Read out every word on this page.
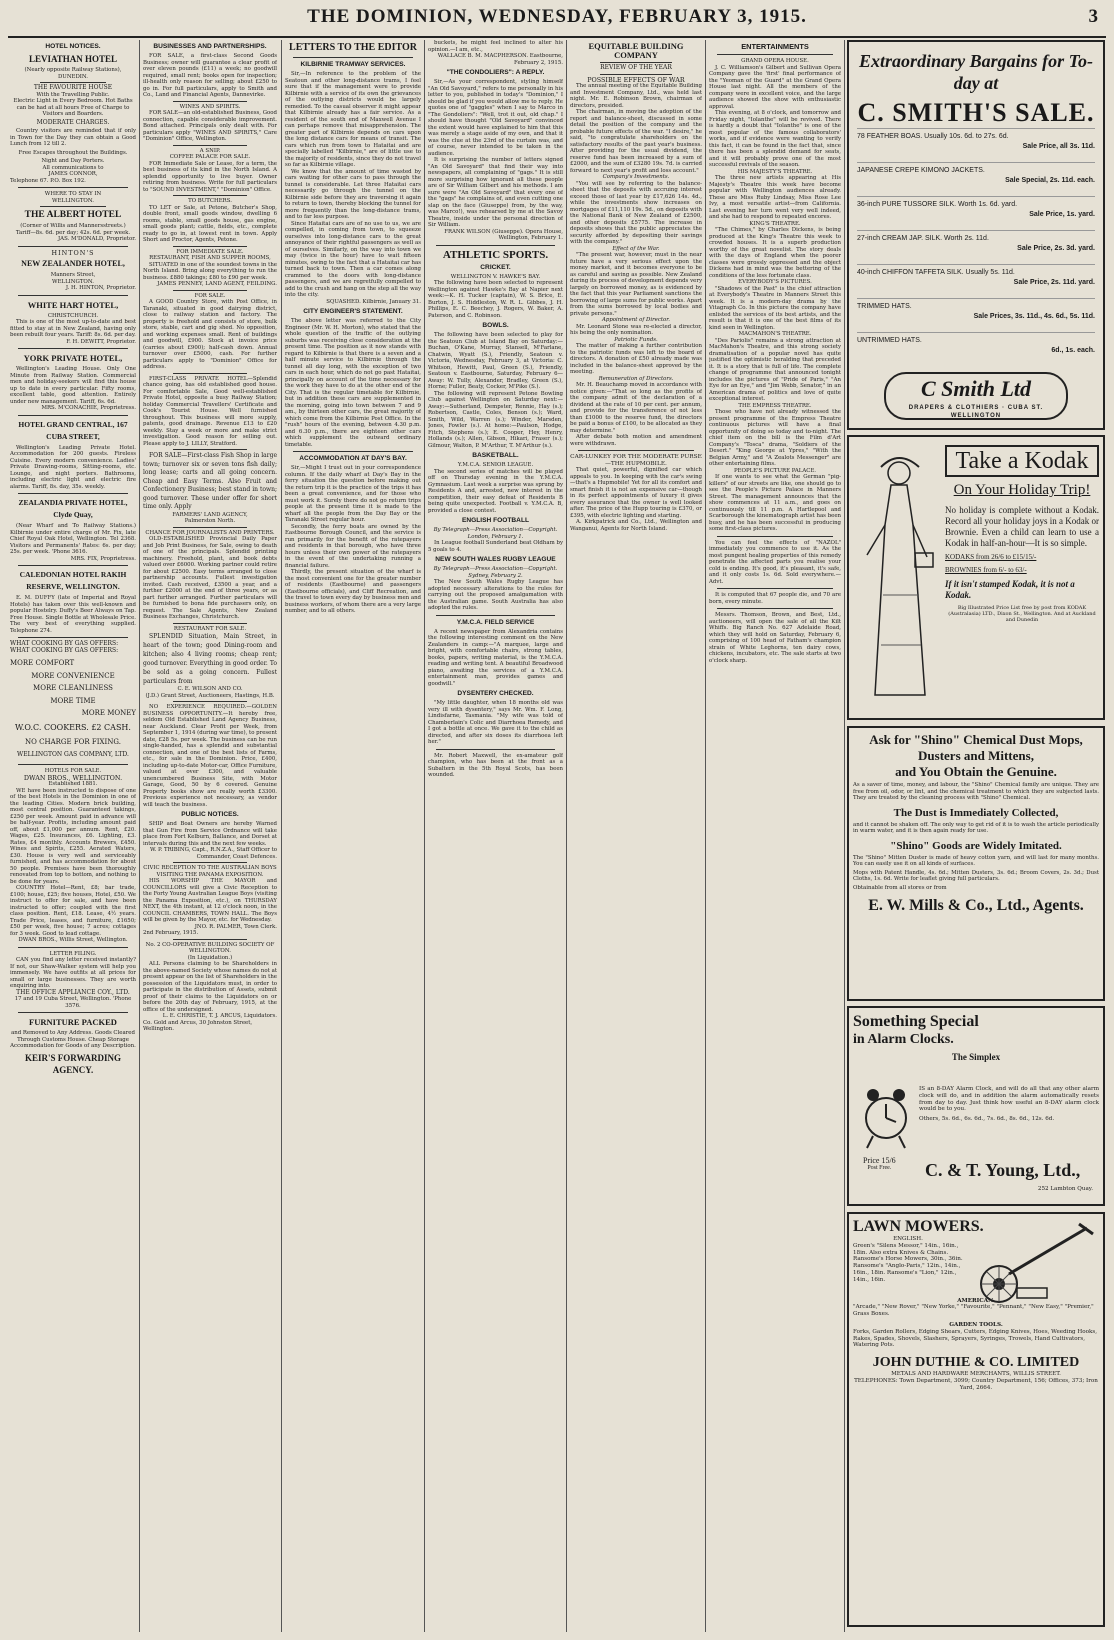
THE DOMINION, WEDNESDAY, FEBRUARY 3, 1915.	3
HOTEL NOTICES.
LEVIATHAN HOTEL
(Nearly opposite Railway Stations), DUNEDIN.
THE FAVOURITE HOUSE
With the Travelling Public.
Electric Light in Every Bedroom. Hot Baths can be had at all hours Free of Charge to Visitors and Boarders.
MODERATE CHARGES.
Country visitors are reminded that if only in Town for the Day they can obtain a Good Lunch from 12 till 2.
Free Escapes throughout the Buildings.
Night and Day Porters.
All communications to
JAMES CONNOR,
Telephone 67. P.O. Box 192.
WHERE TO STAY IN
WELLINGTON.
THE ALBERT HOTEL
(Corner of Willis and Mannersstreets.)
Tariff—8s. 6d. per day; 42s. 6d. per week.
JAS. M'DONALD, Proprietor.
HINTON'S
NEW ZEALANDER HOTEL,
Manners Street,
WELLINGTON.
J. H. HINTON, Proprietor.
WHITE HART HOTEL,
CHRISTCHURCH.
This is one of the most up-to-date and best fitted to stay at in New Zealand, having only been rebuilt four years. Tariff: 8s. 6d. per day.
F. H. DEWITT, Proprietor.
YORK PRIVATE HOTEL,
Wellington's Leading House. Only One Minute from Railway Station. Commercial men and holiday-seekers will find this house up to date in every particular. Fifty rooms, excellent table, good attention. Entirely under new management. Tariff, 6s. 6d.
MRS. M'CONACHIE, Proprietress.
HOTEL GRAND CENTRAL, 167 CUBA STREET,
Wellington's Leading Private Hotel. Accommodation for 200 guests. Fireless Cuisine. Every modern convenience. Ladies' Private Drawing-rooms, Sitting-rooms, etc. Lounge, and night porters. Bathrooms, including electric light and electric fire alarms. Tariff, 8s. day, 35s. weekly.
ZEALANDIA PRIVATE HOTEL, Clyde Quay,
(Near Wharf and To Railway Stations.) Kilbirnie under entire charge of Mr. Fix, late Chief Royal Oak Hotel, Wellington. Tel 2368. Visitors and Permanents' Rates: 6s. per day; 25s. per week. 'Phone 3616.
MRS. FIX, Proprietress.
CALEDONIAN HOTEL RAKIH RESERVE, WELLINGTON.
E. M. DUFFY (late of Imperial and Royal Hotels) has taken over this well-known and popular Hostelry. Duffy's Beer Always on Tap. Free House. Single Bottle at Wholesale Price. The very best of everything supplied. Telephone 274.
WHAT COOKING BY GAS OFFERS:
WHAT COOKING BY GAS OFFERS:
MORE COMFORT
MORE CONVENIENCE
MORE CLEANLINESS
MORE TIME
MORE MONEY
W.O.C. COOKERS. £2 CASH.
NO CHARGE FOR FIXING.
WELLINGTON GAS COMPANY, LTD.
HOTELS FOR SALE.
DWAN BROS., WELLINGTON.
Established 1881.
WE have been instructed to dispose of one of the best Hotels in the Dominion in one of the leading Cities. Modern brick building, most central position. Guaranteed takings, £250 per week. Amount paid in advance will be half-year. Profits, including amount paid off, about £1,000 per annum. Rent, £20. Wages, £25. Insurances, £6. Lighting, £3. Rates, £4 monthly. Accounts Brewers, £450. Wines and Spirits, £255. Aerated Waters, £30. House is very well and serviceably furnished, and has accommodation for about 50 people. Premises have been thoroughly renovated from top to bottom, and nothing to be done for years.
COUNTRY Hotel—Rent, £8; bar trade, £100; house, £25; five houses, Hotel, £50. We instruct to offer for sale, and have been instructed to offer; coupled with the first class position. Rent, £18. Lease, 4½ years. Trade Price, leases, and furniture, £1650; £50 per week, five house; 7 acres; cottages for 3 week. Good to lead cottage.
DWAN BROS., Willis Street, Wellington.
LETTER FILING.
CAN you find any letter received instantly? If not, our Shaw-Walker system will help you immensely. We have outfits at all prices for small or large businesses. They are worth enquiring into.
THE OFFICE APPLIANCE COY., LTD.
17 and 19 Cuba Street, Wellington. 'Phone 3576.
FURNITURE PACKED
and Removed to Any Address. Goods Cleared Through Customs House. Cheap Storage Accommodation for Goods of any Description.
KEIR'S FORWARDING AGENCY.
BUSINESSES AND PARTNERSHIPS.
FOR SALE, a first-class Second Goods Business; owner will guarantee a clear profit of over eleven pounds (£11) a week; no goodwill required, small rent; books open for inspection; ill-health only reason for selling; about £250 to go in. For full particulars, apply to Smith and Co., Land and Financial Agents, Dannevirke.
WINES AND SPIRITS.
FOR SALE—an old-established Business, Good connection, capable considerable improvement. Bond attached. Principals only dealt with. For particulars apply "WINES AND SPIRITS," Care "Dominion" Office, Wellington.
A SNIP.
COFFEE PALACE FOR SALE.
FOR Immediate Sale or Lease, for a term, the best business of its kind in the North Island. A splendid opportunity to live buyer. Owner retiring from business. Write for full particulars to "SOUND INVESTMENT," "Dominion" Office.
TO BUTCHERS.
TO LET or Sale, at Petone, Butcher's Shop, double front, small goods window, dwelling 6 rooms, stable, small goods house, gas engine, small goods plant; cattle, fields, etc., complete ready to go in, at lowest rent in town. Apply Short and Proctor, Agents, Petone.
FOR IMMEDIATE SALE.
RESTAURANT, FISH AND SUPPER ROOMS,
SITUATED in one of the soundest towns in the North Island. Bring along everything to run the business. £880 takings; £80 to £90 per week.
JAMES PENNEY, LAND AGENT, FEILDING.
FOR SALE.
A GOOD Country Store, with Post Office, in Taranaki, situated in good dairying district, close to railway station and factory. The property is freehold and consists of store, bulk store, stable, cart and gig shed. No opposition, and working expenses small. Rent of buildings and goodwill, £900. Stock at invoice price (carries about £900); half-cash down. Annual turnover over £5000, cash. For further particulars apply to "Dominion" Office for address.
FIRST-CLASS PRIVATE HOTEL—Splendid chance going, has old established good house. For comfortable Sale, Good well-established Private Hotel, opposite a busy Railway Station; holiday Commercial Travellers' Certificate and Cook's Tourist House. Well furnished throughout. This business will more supply, patents, good drainage. Revenue £13 to £20 weekly. Stay a week or more and make strict investigation. Good reason for selling out. Please apply to J. LILLY, Stratford.
FOR SALE—First-class Fish Shop in large town; turnover six or seven tons fish daily; long lease; carts and all going concern. Cheap and Easy Terms. Also Fruit and Confectionery Business; best stand in town; good turnover. These under offer for short time only. Apply
FARMERS' LAND AGENCY,
Palmerston North.
CHANCE FOR JOURNALISTS AND PRINTERS.
OLD-ESTABLISHED Provincial Daily Paper and Job Print Business, for Sale, owing to death of one of the principals. Splendid printing machinery. Freehold, plant, and book debts valued over £6000. Working partner could retire for about £2500. Easy terms arranged to close partnership accounts. Fullest investigation invited. Cash received, £3500 a year, and a further £2000 at the end of three years, or as part further arranged. Further particulars will be furnished to bona fide purchasers only, on request. The Sale Agents, New Zealand Business Exchanges, Christchurch.
RESTAURANT FOR SALE.
SPLENDID Situation, Main Street, in heart of the town; good Dining-room and kitchen; also 4 living rooms; cheap rent; good turnover. Everything in good order. To be sold as a going concern. Fullest particulars from
C. E. WILSON AND CO.
(J.D.) Grant Street, Auctioneers, Hastings, H.B.
NO EXPERIENCE REQUIRED.—GOLDEN BUSINESS OPPORTUNITY.—It hereby free, seldom Old Established Land Agency Business, near Auckland. Clear Profit per Week, from September 1, 1914 (during war time), to present date, £28 5s. per week. The business can be run single-handed, has a splendid and substantial connection, and one of the best lists of Farms, etc., for sale in the Dominion. Price, £400, including up-to-date Motor-car, Office Furniture, valued at over £300, and valuable unencumbered Business Site, with Motor Garage, Good, 50 by 6 covered. Genuine Property books show are really worth £3300. Previous experience not necessary, as vendor will teach the business.
PUBLIC NOTICES.
SHIP and Boat Owners are hereby Warned that Gun Fire from Service Ordnance will take place from Fort Kelburn, Ballance, and Dorset at intervals during this and the next few weeks.
W. P. TRIBING, Capt., R.N.Z.A., Staff Officer to Commander, Coast Defences.
CIVIC RECEPTION TO THE AUSTRALIAN BOYS VISITING THE PANAMA EXPOSITION.
HIS WORSHIP THE MAYOR and COUNCILLORS will give a Civic Reception to the Forty Young Australian League Boys (visiting the Panama Exposition, etc.), on THURSDAY NEXT, the 4th instant, at 12 o'clock noon, in the COUNCIL CHAMBERS, TOWN HALL. The Boys will be given by the Mayor, etc. for Wednesday.
JNO. R. PALMER, Town Clerk.
2nd February, 1915.
No. 2 CO-OPERATIVE BUILDING SOCIETY OF WELLINGTON.
(In Liquidation.)
ALL Persons claiming to be Shareholders in the above-named Society whose names do not at present appear on the list of Shareholders in the possession of the Liquidators must, in order to participate in the distribution of Assets, submit proof of their claims to the Liquidators on or before the 20th day of February, 1915, at the office of the undersigned.
L. E. CHRISTIE, T. J. ARCUS, Liquidators.
Co. Gold and Arcus, 30 Johnston Street, Wellington.
LETTERS TO THE EDITOR
KILBIRNIE TRAMWAY SERVICES.
Sir,—In reference to the problem of the Seatoun and other long-distance trams, I feel sure that if the management were to provide Kilbirnie with a service of its own the grievances of the outlying districts would be largely remedied. To the casual observer it might appear that Kilbirnie already has a fair service. As a resident of the south end of Maxwell Avenue I can perhaps remove that misapprehension. The greater part of Kilbirnie depends on cars upon the long distance cars for means of transit. The cars which run from town to Hataitai and are specially labelled "Kilbirnie," are of little use to the majority of residents, since they do not travel so far as Kilbirnie village.
We know that the amount of time wasted by cars waiting for other cars to pass through the tunnel is considerable. Let three Hataitai cars necessarily go through the tunnel on the Kilbirnie side before they are traversing it again to return to town, thereby blocking the tunnel for more frequently than the long-distance trams, and to far less purpose.
Since Hataitai cars are of no use to us, we are compelled, in coming from town, to squeeze ourselves into long-distance cars to the great annoyance of their rightful passengers as well as of ourselves. Similarly, on the way into town we may (twice in the hour) have to wait fifteen minutes, owing to the fact that a Hataitai car has turned back to town. Then a car comes along crammed to the doors with long-distance passengers, and we are regretfully compelled to add to the crush and hang on the step all the way into the city.
SQUASHED. Kilbirnie, January 31.
CITY ENGINEER'S STATEMENT.
The above letter was referred to the City Engineer (Mr. W. H. Morton), who stated that the whole question of the traffic of the outlying suburbs was receiving close consideration at the present time. The position as it now stands with regard to Kilbirnie is that there is a seven and a half minute service to Kilbirnie through the tunnel all day long, with the exception of two cars in each hour, which do not go past Hataitai, principally on account of the time necessary for the work they have to do at the other end of the City. That is the regular timetable for Kilbirnie, but in addition these cars are supplemented in the morning, going into town between 7 and 9 am., by thirteen other cars, the great majority of which come from the Kilbirnie Post Office. In the "rush" hours of the evening, between 4.30 p.m. and 6.30 p.m., there are eighteen other cars which supplement the outward ordinary timetable.
ACCOMMODATION AT DAY'S BAY.
Sir,—Might I trust out in your correspondence column. If the daily wharf at Day's Bay in the ferry situation the question before making out the return trip it is the practice of the trips it has been a great convenience, and for those who must work it. Surely there do not go return trips people at the present time it is made to the wharf all the people from the Day Bay or the Taranaki Street regular hour.
Secondly, the ferry boats are owned by the Eastbourne Borough Council, and the service is run primarily for the benefit of the ratepayers and residents in that borough, who have three hours unless their own power of the ratepayers in the event of the undertaking running a financial failure.
Thirdly, the present situation of the wharf is the most convenient one for the greater number of residents (Eastbourne) and passengers (Eastbourne officials), and Cliff Recreation, and the travel to town every day by business men and business workers, of whom there are a very large number, and to all others.
buckets, he might feel inclined to alter his opinion.—I am, etc.,
WALLACE B. M. MACPHERSON. Eastbourne, February 2, 1915.
"THE CONDOLIERS": A REPLY.
Sir,—As your correspondent, styling himself "An Old Savoyard," refers to me personally in his letter to you, published in today's "Dominion," I should be glad if you would allow me to reply. He quotes one of "gaggles" when I say to Marco in "The Gondoliers": "Well, trot it out, old chap." I should have thought "Old Savoyard" convinced the extent would have explained to him that this was merely a stage aside of my own, and that it was the clue at the 23rd of the curtain was, and of course, never intended to be taken in the audience.
It is surprising the number of letters signed "An Old Savoyard" that find their way into newspapers, all complaining of "gags." It is still more surprising how ignorant all these people are of Sir William Gilbert and his methods. I am sure were "An Old Savoyard" that every one of the "gags" he complains of, and even cutting one slap on the face (Giuseppe) from, by the way, was Marco!), was rehearsed by me at the Savoy Theatre, inside under the personal direction of Sir William.
FRANK WILSON (Giuseppe). Opera House, Wellington, February 1.
ATHLETIC SPORTS.
CRICKET.
WELLINGTON V. HAWKE'S BAY.
The following have been selected to represent Wellington against Hawke's Bay at Napier next week:—K. H. Tucker (captain), W. S. Brice, E. Burton, J. S. Hiddleston, W. R. L. Gibbes, J. H. Phillips, E. C. Beechey, J. Rogers, W. Baker, A. Paterson, and C. Robinson.
BOWLS.
The following have been selected to play for the Seatoun Club at Island Bay on Saturday:—Buchan, O'Kane, Murray, Stansell, M'Farlane, Chatwin, Wyatt (S.), Friendly, Seatoun v. Victoria, Wednesday, February 3, at Victoria: C. Whitson, Hewitt, Paul, Green (S.), Friendly, Seatoun v. Eastbourne, Saturday, February 6—Away: W. Tully, Alexander, Bradley, Green (S.), Horne; Fuller, Beaty, Cocker, M'Pike (S.).
The following will represent Petone Bowling Club against Wellington on Saturday next:—Away:—Sutherland, Dempster, Rennie, Hay (s.); Robertson, Castle, Coles, Benson (s.); Ward, Smith, Wild, Warren (s.); Winder, Marsden, Jones, Fowler (s.). At home:—Paulson, Hodge, Fitch, Stephens (s.); E. Cooper, Hey, Henry, Hollands (s.); Allen, Gibson, Hikari, Fraser (s.); Gilmour, Walton, P. M'Arthur, T. M'Arthur (s.).
BASKETBALL.
Y.M.C.A. SENIOR LEAGUE.
The second series of matches will be played off on Thursday evening in the Y.M.C.A. Gymnasium. Last week a surprise was sprung by Residents A and, arrested, new interest in the competition, their easy defeat of Residents B being quite unexpected. Football v. Y.M.C.A. B, provided a close contest.
ENGLISH FOOTBALL
By Telegraph—Press Association—Copyright. London, February 1.
In League football Sunderland beat Oldham by 5 goals to 4.
NEW SOUTH WALES RUGBY LEAGUE
By Telegraph—Press Association—Copyright. Sydney, February 2.
The New South Wales Rugby League has adopted necessary alterations to the rules for carrying out the proposed amalgamation with the Australian game. South Australia has also adopted the rules.
Y.M.C.A. FIELD SERVICE
A recent newspaper from Alexandria contains the following interesting comment on the New Zealanders in camp:—"A marquee, large and bright, with comfortable chairs, strong tables, books, papers, writing material, is the Y.M.C.A. reading and writing tent. A beautiful Broadwood piano, awaiting the services of a Y.M.C.A. entertainment man, provides games and goodwill."
DYSENTERY CHECKED.
"My little daughter, when 18 months old was very ill with dysentery," says Mr. Wm. F. Long, Lindisfarne, Tasmania. "My wife was told of Chamberlain's Colic and Diarrhoea Remedy, and I got a bottle at once. We gave it to the child as directed, and after six doses its diarrhoea left her."
Mr. Robert Maxwell, the ex-amateur golf champion, who has been at the front as a Subaltern in the 5th Royal Scots, has been wounded.
EQUITABLE BUILDING COMPANY
REVIEW OF THE YEAR
POSSIBLE EFFECTS OF WAR
The annual meeting of the Equitable Building and Investment Company, Ltd., was held last night. Mr. E. Robinson Brown, chairman of directors, presided.
The chairman, in moving the adoption of the report and balance-sheet, discussed in some detail the position of the company and the probable future effects of the war. "I desire," he said, "to congratulate shareholders on the satisfactory results of the past year's business. After providing for the usual dividend, the reserve fund has been increased by a sum of £2000, and the sum of £3280 19s. 7d. is carried forward to next year's profit and loss account."
Company's Investments.
"You will see by referring to the balance-sheet that the deposits with accruing interest exceed those of last year by £17,626 14s. 4d., while the investments show increases on mortgages of £11,110 19s. 5d., on deposits with the National Bank of New Zealand of £2500, and other deposits £5775. The increase in deposits shows that the public appreciates the security afforded by depositing their savings with the company."
Effect of the War.
"The present war, however, must in the near future have a very serious effect upon the money market, and it becomes everyone to be as careful and saving as possible. New Zealand during its process of development depends very largely on borrowed money, as is evidenced by the fact that this year Parliament sanctions the borrowing of large sums for public works. Apart from the sums borrowed by local bodies and private persons."
Appointment of Director.
Mr. Leonard Stone was re-elected a director, his being the only nomination.
Patriotic Funds.
The matter of making a further contribution to the patriotic funds was left to the board of directors. A donation of £50 already made was included in the balance-sheet approved by the meeting.
Remuneration of Directors.
Mr. H. Beauchamp moved in accordance with notice given:—"That so long as the profits of the company admit of the declaration of a dividend at the rate of 10 per cent. per annum, and provide for the transference of not less than £1000 to the reserve fund, the directors be paid a bonus of £100, to be allocated as they may determine."
After debate both motion and amendment were withdrawn.
CAR-LUNKEY FOR THE MODERATE PURSE—THE HUPMOBILE.
That quiet, powerful, dignified car which appeals to you. In keeping with the car's swing—that's a Hupmobile! Yet for all its comfort and smart finish it is not an expensive car—though in its perfect appointments of luxury it gives every assurance that the owner is well looked after. The price of the Hupp touring is £370, or £395, with electric lighting and starting.
A. Kirkpatrick and Co., Ltd., Wellington and Wanganui, Agents for North Island.
ENTERTAINMENTS
GRAND OPERA HOUSE.
J. C. Williamson's Gilbert and Sullivan Opera Company gave the 'first' final performance of the "Yeoman of the Guard" at the Grand Opera House last night. All the members of the company were in excellent voice, and the large audience showed the show with enthusiastic approval.
This evening, at 8 o'clock, and tomorrow and Friday night, "Iolanthe" will be revived. There is hardly a doubt that "Iolanthe" is one of the most popular of the famous collaborators' works, and if evidence were wanting to verify this fact, it can be found in the fact that, since there has been a splendid demand for seats, and it will probably prove one of the most successful revivals of the season.
HIS MAJESTY'S THEATRE.
The three new artists appearing at His Majesty's Theatre this week have become popular with Wellington audiences already. These are Miss Ruby Lindsay, Miss Rose Lee Ivy, a most versatile artist—from California. Last evening her turn went very well indeed, and she had to respond to repeated encores.
KING'S THEATRE.
"The Chimes," by Charles Dickens, is being produced at the King's Theatre this week to crowded houses. It is a superb production worthy of the great novelist. The story deals with the days of England when the poorer classes were grossly oppressed and the object Dickens had in mind was the bettering of the conditions of the less fortunate class.
EVERYBODY'S PICTURES.
"Shadows of the Past" is the chief attraction at Everybody's Theatre in Manners Street this week. It is a modern-day drama by the Vitagraph Co. In this picture the company have enlisted the services of its best artists, and the result is that it is one of the best films of its kind seen in Wellington.
MACMAHON'S THEATRE.
"Des Pariolis" remains a strong attraction at MacMahon's Theatre, and this strong society dramatisation of a popular novel has quite justified the optimistic heralding that preceded it. It is a story that is full of life. The complete change of programme that announced tonight includes the pictures of "Pride of Paris," "An Eye for an Eye," and "Jim Webb, Senator," in an American drama of politics and love of quite exceptional interest.
THE EMPRESS THEATRE.
Those who have not already witnessed the present programme of the Empress Theatre continuous pictures will have a final opportunity of doing so today and to-night. The chief item on the bill is the Film d'Art Company's "Tosca" drama, "Soldiers of the Desert." "King George at Ypres," "With the Belgian Army," and "A Zealots Messenger" are other entertaining films.
PEOPLE'S PICTURE PALACE.
If one wants to see what the German "pig-killers" of our streets are like, one should go to see the People's Picture Palace in Manners Street. The management announces that the show commences at 11 a.m., and goes on continuously till 11 p.m. A Hartlepool and Scarborough the kinematograph artist has been busy, and he has been successful in producing some first-class pictures.
You can feel the effects of "NAZOL" immediately you commence to use it. As the most pungent healing properties of this remedy penetrate the affected parts you realise your cold is ending. It's good, it's pleasant, it's safe, and it only costs 1s. 6d. Sold everywhere.—Advt.
It is computed that 67 people die, and 70 are born, every minute.
Messrs. Thomson, Brown, and Best, Ltd., auctioneers, will open the sale of all the Kilt Whiffs. Big Ranch No. 627 Adelaide Road, which they will hold on Saturday, February 6, comprising of 100 head of Fatham's champion strain of White Leghorns, ten dairy cows, chickens, incubators, etc. The sale starts at two o'clock sharp.
Extraordinary Bargains for To-day at
C. SMITH'S SALE.
78 FEATHER BOAS. Usually 10s. 6d. to 27s. 6d.
Sale Price, all 3s. 11d.
JAPANESE CREPE KIMONO JACKETS.
Sale Special, 2s. 11d. each.
36-inch PURE TUSSORE SILK. Worth 1s. 6d. yard.
Sale Price, 1s. yard.
27-inch CREAM JAP. SILK. Worth 2s. 11d.
Sale Price, 2s. 3d. yard.
40-inch CHIFFON TAFFETA SILK. Usually 5s. 11d.
Sale Price, 2s. 11d. yard.
TRIMMED HATS.
Sale Prices, 3s. 11d., 4s. 6d., 5s. 11d.
UNTRIMMED HATS.
6d., 1s. each.
C Smith Ltd
DRAPERS & CLOTHIERS · CUBA ST. WELLINGTON
Take a Kodak
On Your Holiday Trip!
No holiday is complete without a Kodak. Record all your holiday joys in a Kodak or Brownie. Even a child can learn to use a Kodak in half-an-hour—It is so simple.
KODAKS from 26/6 to £15/15/-
BROWNIES from 6/- to 63/-
If it isn't stamped Kodak, it is not a Kodak.
Big Illustrated Price List free by post from KODAK (Australasia) LTD., Dixon St., Wellington. And at Auckland and Dunedin
Ask for "Shino" Chemical Dust Mops, Dusters and Mittens,
and You Obtain the Genuine.
As a saver of time, money, and labour, the "Shino" Chemical family are unique. They are free from oil, odor, or lint, and the chemical treatment to which they are subjected lasts. They are treated by the cleaning process with "Shino" Chemical.
The Dust is Immediately Collected,
and it cannot be shaken off. The only way to get rid of it is to wash the article periodically in warm water, and it is then again ready for use.
"Shino" Goods are Widely Imitated.
The "Shino" Mitten Duster is made of heavy cotton yarn, and will last for many months. You can easily use it on all kinds of surfaces.
Mops with Patent Handle, 4s. 6d.; Mitten Dusters, 3s. 6d.; Broom Covers, 2s. 3d.; Dust Cloths, 1s. 6d. Write for leaflet giving full particulars.
Obtainable from all stores or from
E. W. Mills & Co., Ltd., Agents.
Something Special
in Alarm Clocks.
The Simplex
IS an 8-DAY Alarm Clock, and will do all that any other alarm clock will do, and in addition the alarm automatically resets from day to day. Just think how useful an 8-DAY alarm clock would be to you.
Others, 5s. 6d., 6s. 6d., 7s. 6d., 8s. 6d., 12s. 6d.
Price 15/6
Post Free. C. & T. Young, Ltd.,
252 Lambton Quay.
LAWN MOWERS.
ENGLISH.
Green's "Silens Messor," 14in., 16in., 18in. Also extra Knives & Chains. Ransome's Horse Mowers, 30in., 36in. Ransome's "Anglo-Paris," 12in., 14in., 16in., 18in. Ransome's "Lion," 12in., 14in., 16in.
AMERICAN.
"Arcade," "New Rover," "New Yorke," "Favourite," "Pennant," "New Easy," "Premier," Grass Boxes.
GARDEN TOOLS.
Forks, Garden Rollers, Edging Shears, Cutters, Edging Knives, Hoes, Weeding Hooks, Rakes, Spades, Shovels, Slashers, Sprayers, Syringes, Trowels, Hand Cultivators, Watering Pots.
JOHN DUTHIE & CO. LIMITED
METALS AND HARDWARE MERCHANTS, WILLIS STREET.
TELEPHONES: Town Department, 3099; Country Department, 156; Offices, 373; Iron Yard, 2664.
